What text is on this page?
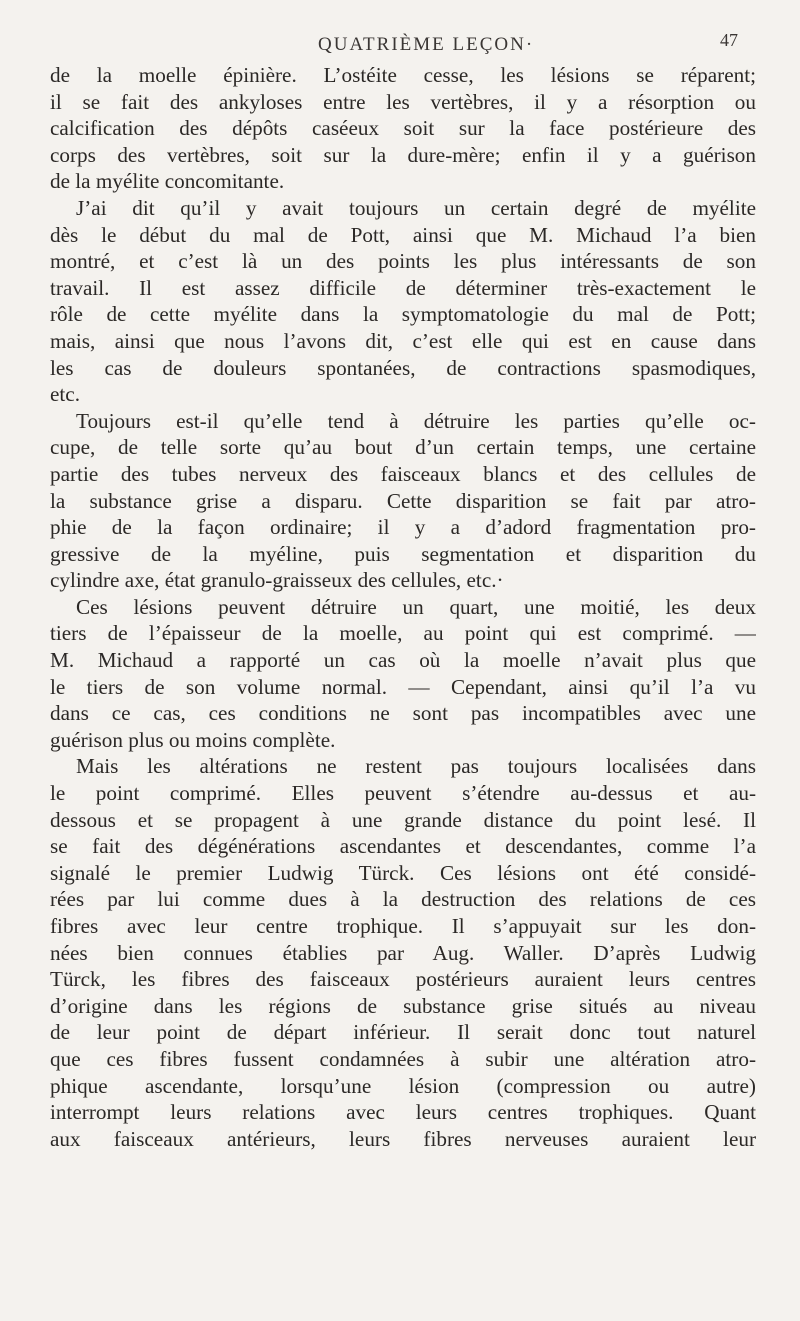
QUATRIÈME LEÇON·	47
de la moelle épinière. L’ostéite cesse, les lésions se réparent;
il se fait des ankyloses entre les vertèbres, il y a résorption ou
calcification des dépôts caséeux soit sur la face postérieure des
corps des vertèbres, soit sur la dure-mère; enfin il y a guérison
de la myélite concomitante.
J’ai dit qu’il y avait toujours un certain degré de myélite
dès le début du mal de Pott, ainsi que M. Michaud l’a bien
montré, et c’est là un des points les plus intéressants de son
travail. Il est assez difficile de déterminer très-exactement le
rôle de cette myélite dans la symptomatologie du mal de Pott;
mais, ainsi que nous l’avons dit, c’est elle qui est en cause dans
les cas de douleurs spontanées, de contractions spasmodiques,
etc.
Toujours est-il qu’elle tend à détruire les parties qu’elle oc-
cupe, de telle sorte qu’au bout d’un certain temps, une certaine
partie des tubes nerveux des faisceaux blancs et des cellules de
la substance grise a disparu. Cette disparition se fait par atro-
phie de la façon ordinaire; il y a d’adord fragmentation pro-
gressive de la myéline, puis segmentation et disparition du
cylindre axe, état granulo-graisseux des cellules, etc.·
Ces lésions peuvent détruire un quart, une moitié, les deux
tiers de l’épaisseur de la moelle, au point qui est comprimé. —
M. Michaud a rapporté un cas où la moelle n’avait plus que
le tiers de son volume normal. — Cependant, ainsi qu’il l’a vu
dans ce cas, ces conditions ne sont pas incompatibles avec une
guérison plus ou moins complète.
Mais les altérations ne restent pas toujours localisées dans
le point comprimé. Elles peuvent s’étendre au-dessus et au-
dessous et se propagent à une grande distance du point lesé. Il
se fait des dégénérations ascendantes et descendantes, comme l’a
signalé le premier Ludwig Türck. Ces lésions ont été considé-
rées par lui comme dues à la destruction des relations de ces
fibres avec leur centre trophique. Il s’appuyait sur les don-
nées bien connues établies par Aug. Waller. D’après Ludwig
Türck, les fibres des faisceaux postérieurs auraient leurs centres
d’origine dans les régions de substance grise situés au niveau
de leur point de départ inférieur. Il serait donc tout naturel
que ces fibres fussent condamnées à subir une altération atro-
phique ascendante, lorsqu’une lésion (compression ou autre)
interrompt leurs relations avec leurs centres trophiques. Quant
aux faisceaux antérieurs, leurs fibres nerveuses auraient leur
